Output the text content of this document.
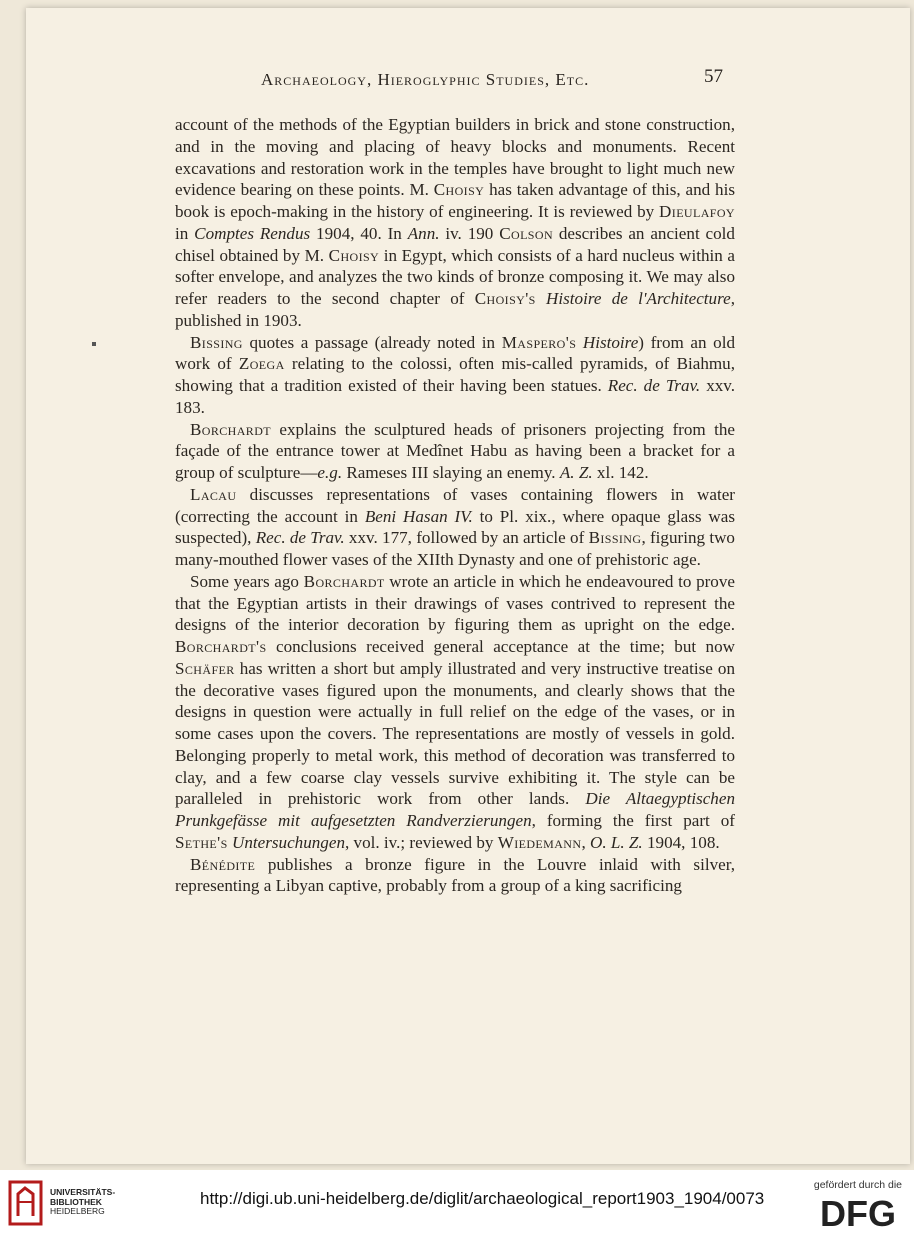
Archaeology, Hieroglyphic Studies, Etc.	57

account of the methods of the Egyptian builders in brick and stone construction, and in the moving and placing of heavy blocks and monuments. Recent excavations and restoration work in the temples have brought to light much new evidence bearing on these points. M. Choisy has taken advantage of this, and his book is epoch-making in the history of engineering. It is reviewed by Dieulafoy in Comptes Rendus 1904, 40. In Ann. iv. 190 Colson describes an ancient cold chisel obtained by M. Choisy in Egypt, which consists of a hard nucleus within a softer envelope, and analyzes the two kinds of bronze composing it. We may also refer readers to the second chapter of Choisy's Histoire de l'Architecture, published in 1903.

Bissing quotes a passage (already noted in Maspero's Histoire) from an old work of Zoega relating to the colossi, often mis-called pyramids, of Biahmu, showing that a tradition existed of their having been statues. Rec. de Trav. xxv. 183.

Borchardt explains the sculptured heads of prisoners projecting from the façade of the entrance tower at Medînet Habu as having been a bracket for a group of sculpture—e.g. Rameses III slaying an enemy. A. Z. xl. 142.

Lacau discusses representations of vases containing flowers in water (correcting the account in Beni Hasan IV. to Pl. xix., where opaque glass was suspected), Rec. de Trav. xxv. 177, followed by an article of Bissing, figuring two many-mouthed flower vases of the XIIth Dynasty and one of prehistoric age.

Some years ago Borchardt wrote an article in which he endeavoured to prove that the Egyptian artists in their drawings of vases contrived to represent the designs of the interior decoration by figuring them as upright on the edge. Borchardt's conclusions received general acceptance at the time; but now Schäfer has written a short but amply illustrated and very instructive treatise on the decorative vases figured upon the monuments, and clearly shows that the designs in question were actually in full relief on the edge of the vases, or in some cases upon the covers. The representations are mostly of vessels in gold. Belonging properly to metal work, this method of decoration was transferred to clay, and a few coarse clay vessels survive exhibiting it. The style can be paralleled in prehistoric work from other lands. Die Altaegyptischen Prunkgefässe mit aufgesetzten Randverzierungen, forming the first part of Sethe's Untersuchungen, vol. iv.; reviewed by Wiedemann, O. L. Z. 1904, 108.

Bénédite publishes a bronze figure in the Louvre inlaid with silver, representing a Libyan captive, probably from a group of a king sacrificing

UNIVERSITÄTS-
BIBLIOTHEK
HEIDELBERG
http://digi.ub.uni-heidelberg.de/diglit/archaeological_report1903_1904/0073
gefördert durch die
DFG
